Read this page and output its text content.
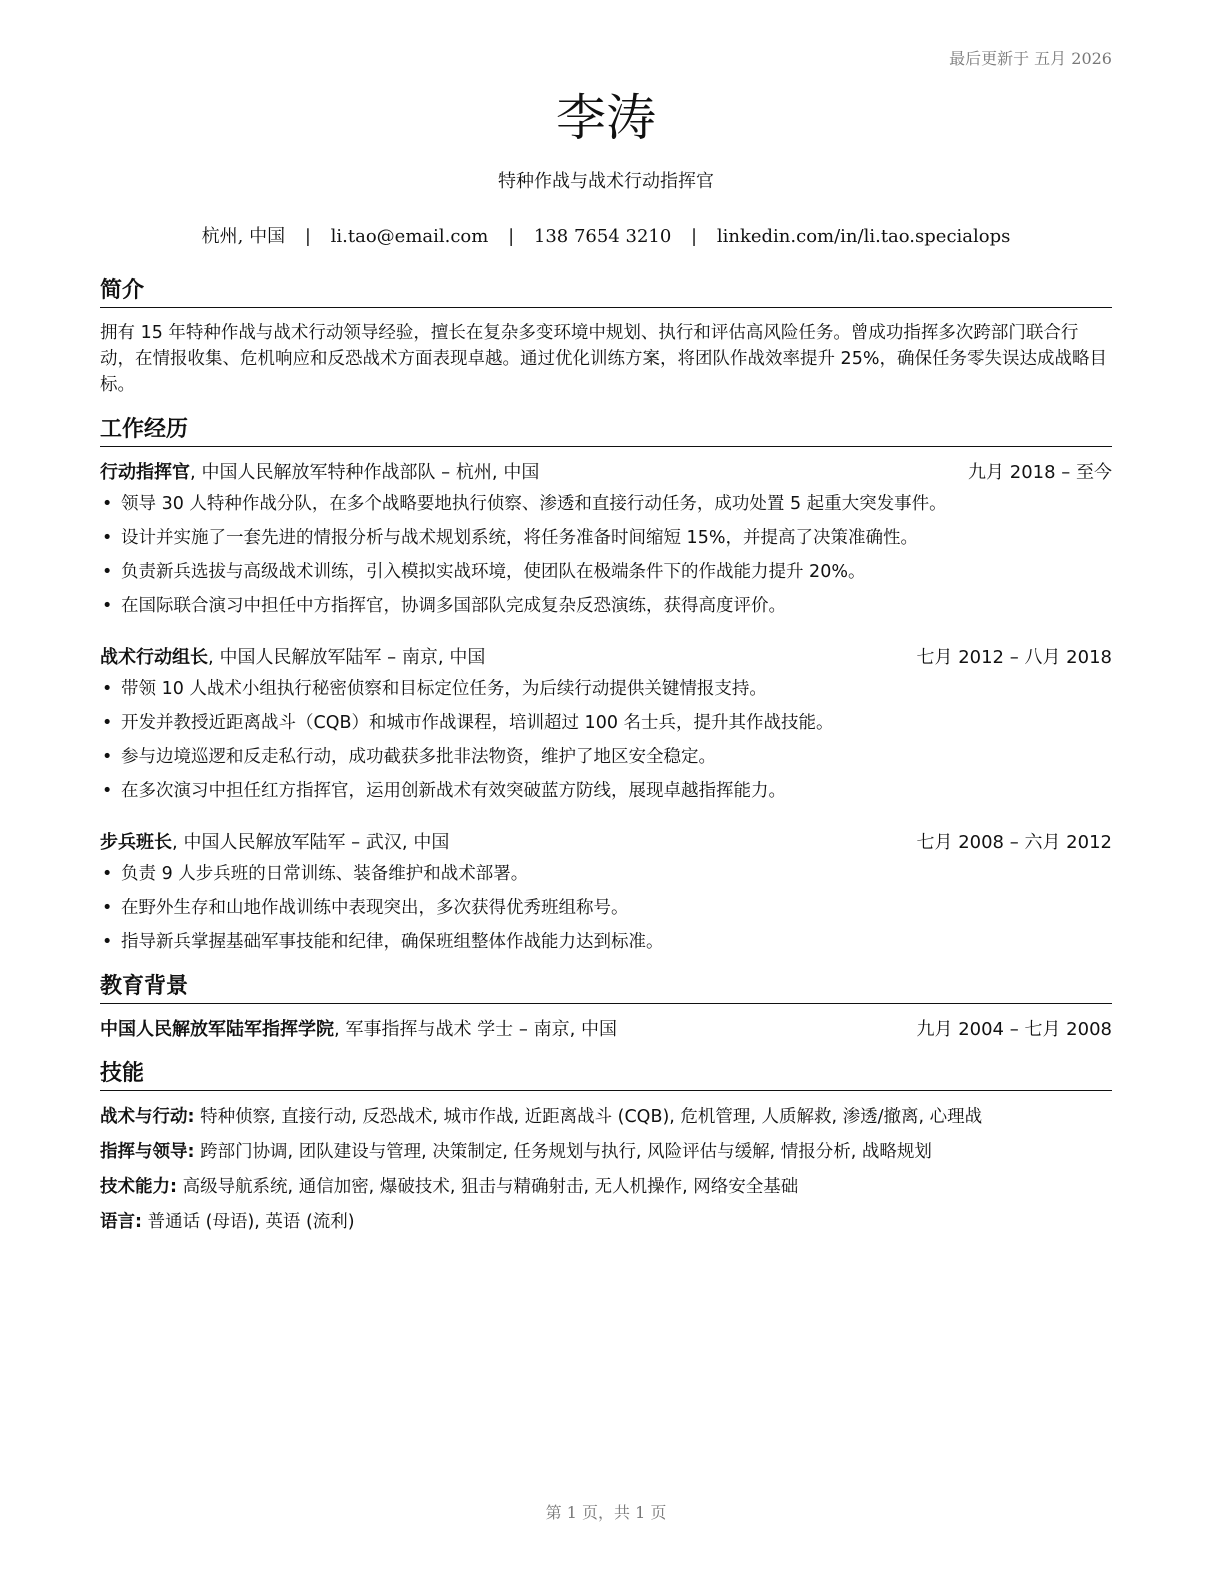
最后更新于 五月 2026
李涛
特种作战与战术行动指挥官
杭州, 中国 | li.tao@email.com | 138 7654 3210 | linkedin.com/in/li.tao.specialops
简介
拥有 15 年特种作战与战术行动领导经验，擅长在复杂多变环境中规划、执行和评估高风险任务。曾成功指挥多次跨部门联合行动，在情报收集、危机响应和反恐战术方面表现卓越。通过优化训练方案，将团队作战效率提升 25%，确保任务零失误达成战略目标。
工作经历
行动指挥官, 中国人民解放军特种作战部队 – 杭州, 中国	九月 2018 – 至今
• 领导 30 人特种作战分队，在多个战略要地执行侦察、渗透和直接行动任务，成功处置 5 起重大突发事件。
• 设计并实施了一套先进的情报分析与战术规划系统，将任务准备时间缩短 15%，并提高了决策准确性。
• 负责新兵选拔与高级战术训练，引入模拟实战环境，使团队在极端条件下的作战能力提升 20%。
• 在国际联合演习中担任中方指挥官，协调多国部队完成复杂反恐演练，获得高度评价。
战术行动组长, 中国人民解放军陆军 – 南京, 中国	七月 2012 – 八月 2018
• 带领 10 人战术小组执行秘密侦察和目标定位任务，为后续行动提供关键情报支持。
• 开发并教授近距离战斗（CQB）和城市作战课程，培训超过 100 名士兵，提升其作战技能。
• 参与边境巡逻和反走私行动，成功截获多批非法物资，维护了地区安全稳定。
• 在多次演习中担任红方指挥官，运用创新战术有效突破蓝方防线，展现卓越指挥能力。
步兵班长, 中国人民解放军陆军 – 武汉, 中国	七月 2008 – 六月 2012
• 负责 9 人步兵班的日常训练、装备维护和战术部署。
• 在野外生存和山地作战训练中表现突出，多次获得优秀班组称号。
• 指导新兵掌握基础军事技能和纪律，确保班组整体作战能力达到标准。
教育背景
中国人民解放军陆军指挥学院, 军事指挥与战术 学士 – 南京, 中国	九月 2004 – 七月 2008
技能
战术与行动: 特种侦察, 直接行动, 反恐战术, 城市作战, 近距离战斗 (CQB), 危机管理, 人质解救, 渗透/撤离, 心理战
指挥与领导: 跨部门协调, 团队建设与管理, 决策制定, 任务规划与执行, 风险评估与缓解, 情报分析, 战略规划
技术能力: 高级导航系统, 通信加密, 爆破技术, 狙击与精确射击, 无人机操作, 网络安全基础
语言: 普通话 (母语), 英语 (流利)
第 1 页，共 1 页
